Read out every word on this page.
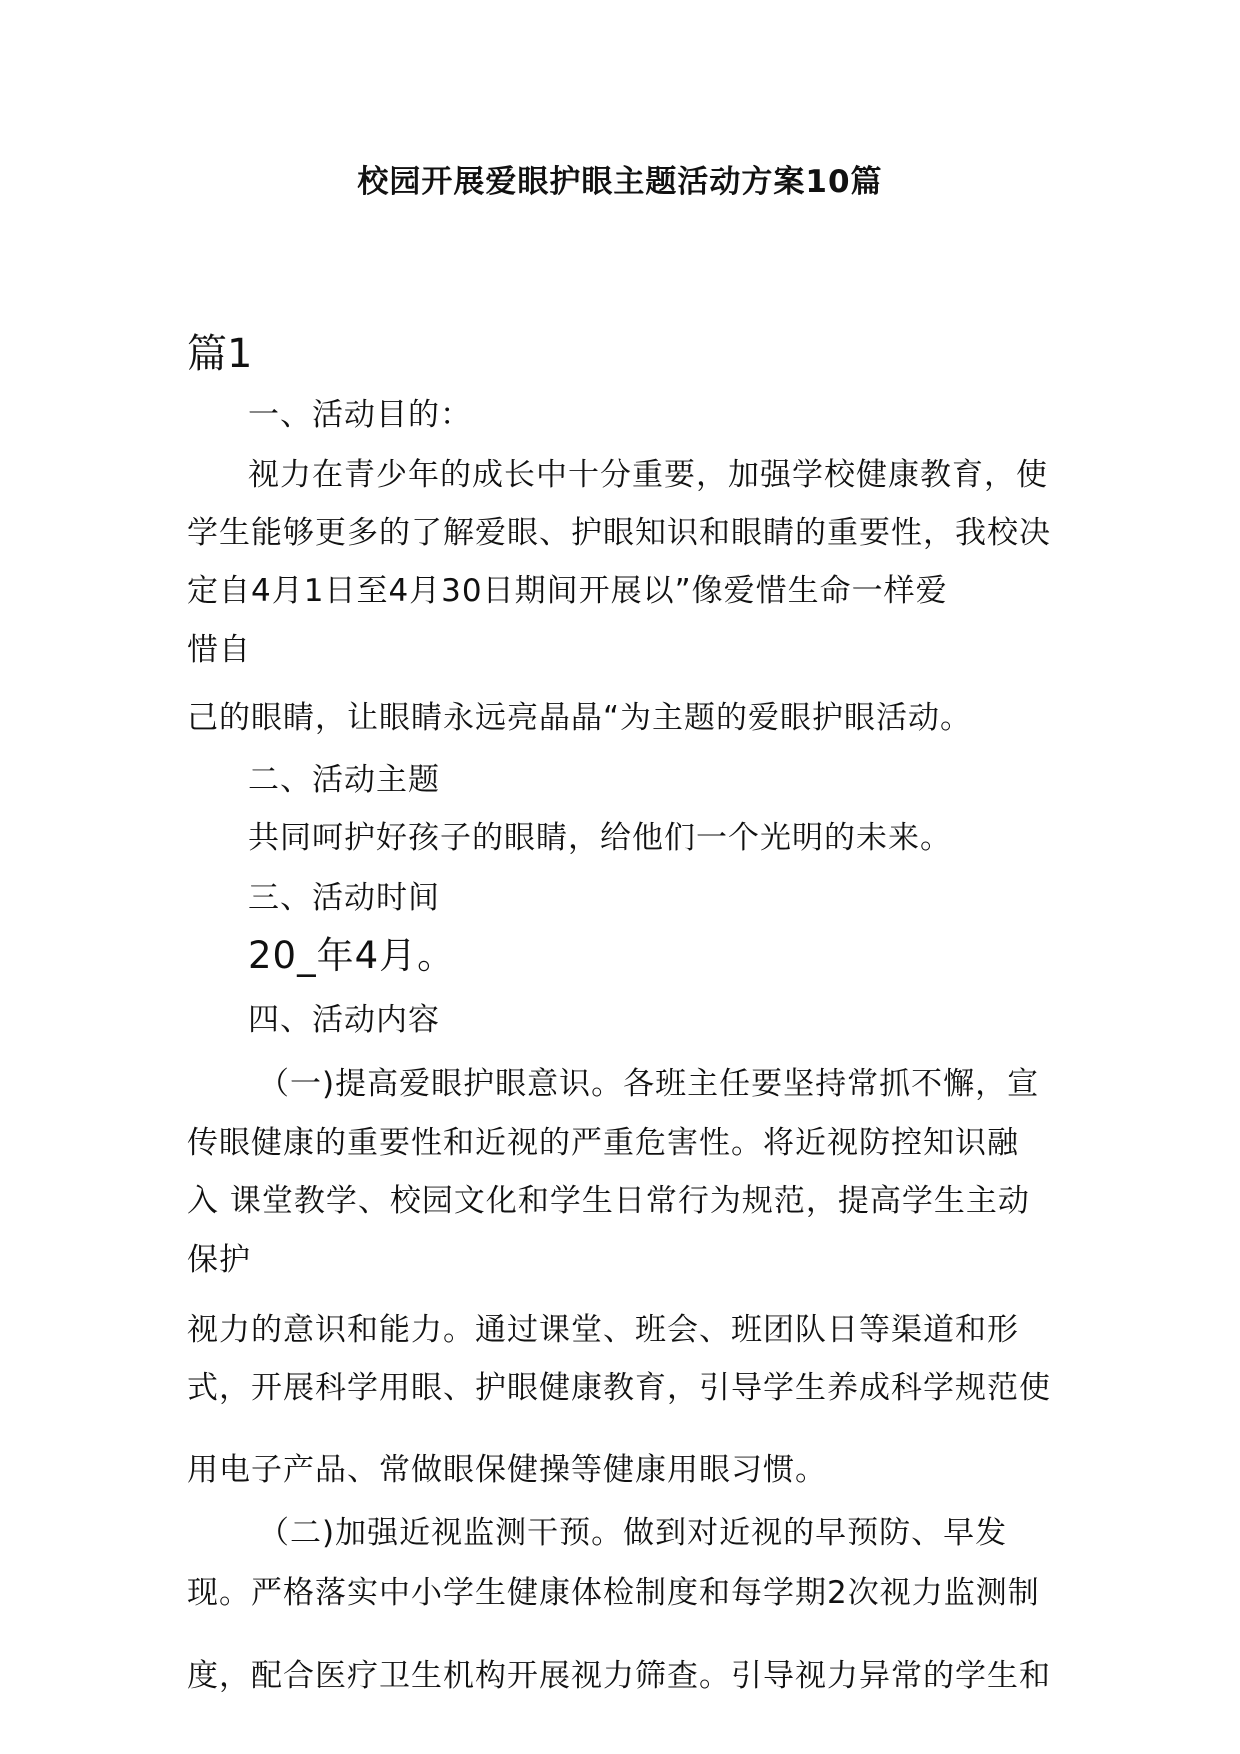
校园开展爱眼护眼主题活动方案10篇
篇1
一、活动目的：
视力在青少年的成长中十分重要，加强学校健康教育，使
学生能够更多的了解爱眼、护眼知识和眼睛的重要性，我校决
定自4月1日至4月30日期间开展以”像爱惜生命一样爱
惜自
己的眼睛，让眼睛永远亮晶晶“为主题的爱眼护眼活动。
二、活动主题
共同呵护好孩子的眼睛，给他们一个光明的未来。
三、活动时间
20_年4月。
四、活动内容
（一)提高爱眼护眼意识。各班主任要坚持常抓不懈，宣
传眼健康的重要性和近视的严重危害性。将近视防控知识融
入 课堂教学、校园文化和学生日常行为规范，提高学生主动
保护
视力的意识和能力。通过课堂、班会、班团队日等渠道和形
式，开展科学用眼、护眼健康教育，引导学生养成科学规范使
用电子产品、常做眼保健操等健康用眼习惯。
（二)加强近视监测干预。做到对近视的早预防、早发
现。严格落实中小学生健康体检制度和每学期2次视力监测制
度，配合医疗卫生机构开展视力筛查。引导视力异常的学生和
